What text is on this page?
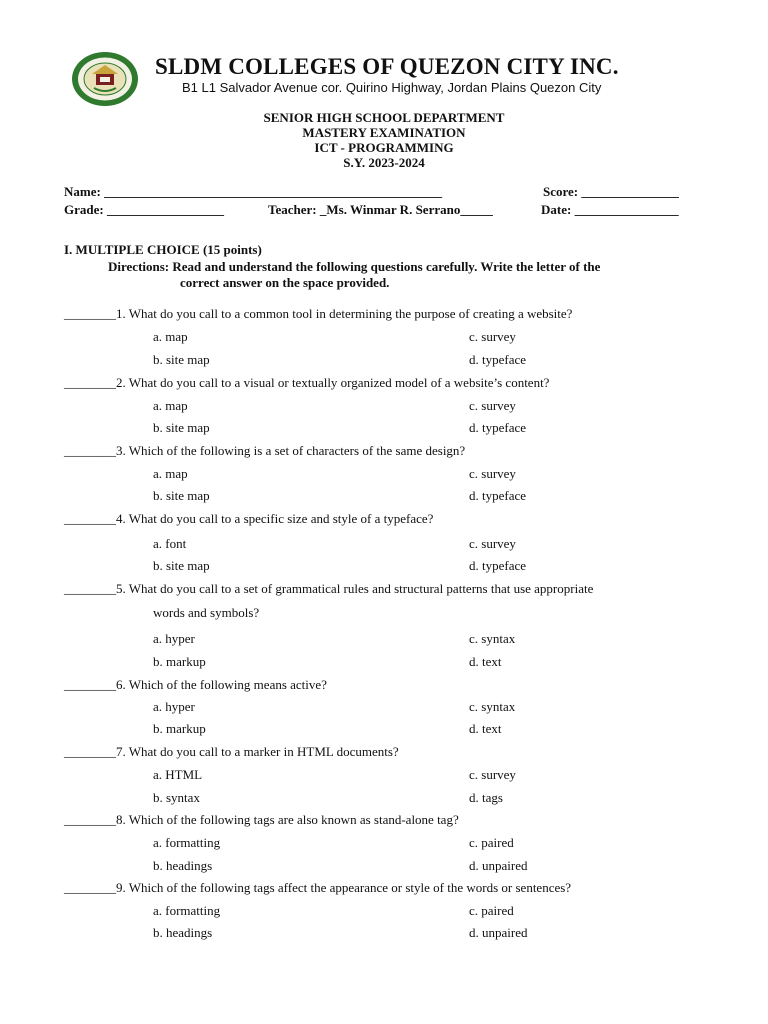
SLDM COLLEGES OF QUEZON CITY INC.
B1 L1 Salvador Avenue cor. Quirino Highway, Jordan Plains Quezon City
SENIOR HIGH SCHOOL DEPARTMENT
MASTERY EXAMINATION
ICT - PROGRAMMING
S.Y. 2023-2024
Name: ____________________________________________________	Score: _______________
Grade: __________________	Teacher: _Ms. Winmar R. Serrano_____	Date: ________________
I. MULTIPLE CHOICE (15 points)
Directions: Read and understand the following questions carefully. Write the letter of the
correct answer on the space provided.
________1. What do you call to a common tool in determining the purpose of creating a website?
a. map	c. survey
b. site map	d. typeface
________2. What do you call to a visual or textually organized model of a website’s content?
a. map	c. survey
b. site map	d. typeface
________3. Which of the following is a set of characters of the same design?
a. map	c. survey
b. site map	d. typeface
________4. What do you call to a specific size and style of a typeface?
a. font	c. survey
b. site map	d. typeface
________5. What do you call to a set of grammatical rules and structural patterns that use appropriate
words and symbols?
a. hyper	c. syntax
b. markup	d. text
________6. Which of the following means active?
a. hyper	c. syntax
b. markup	d. text
________7. What do you call to a marker in HTML documents?
a. HTML	c. survey
b. syntax	d. tags
________8. Which of the following tags are also known as stand-alone tag?
a. formatting	c. paired
b. headings	d. unpaired
________9. Which of the following tags affect the appearance or style of the words or sentences?
a. formatting	c. paired
b. headings	d. unpaired
